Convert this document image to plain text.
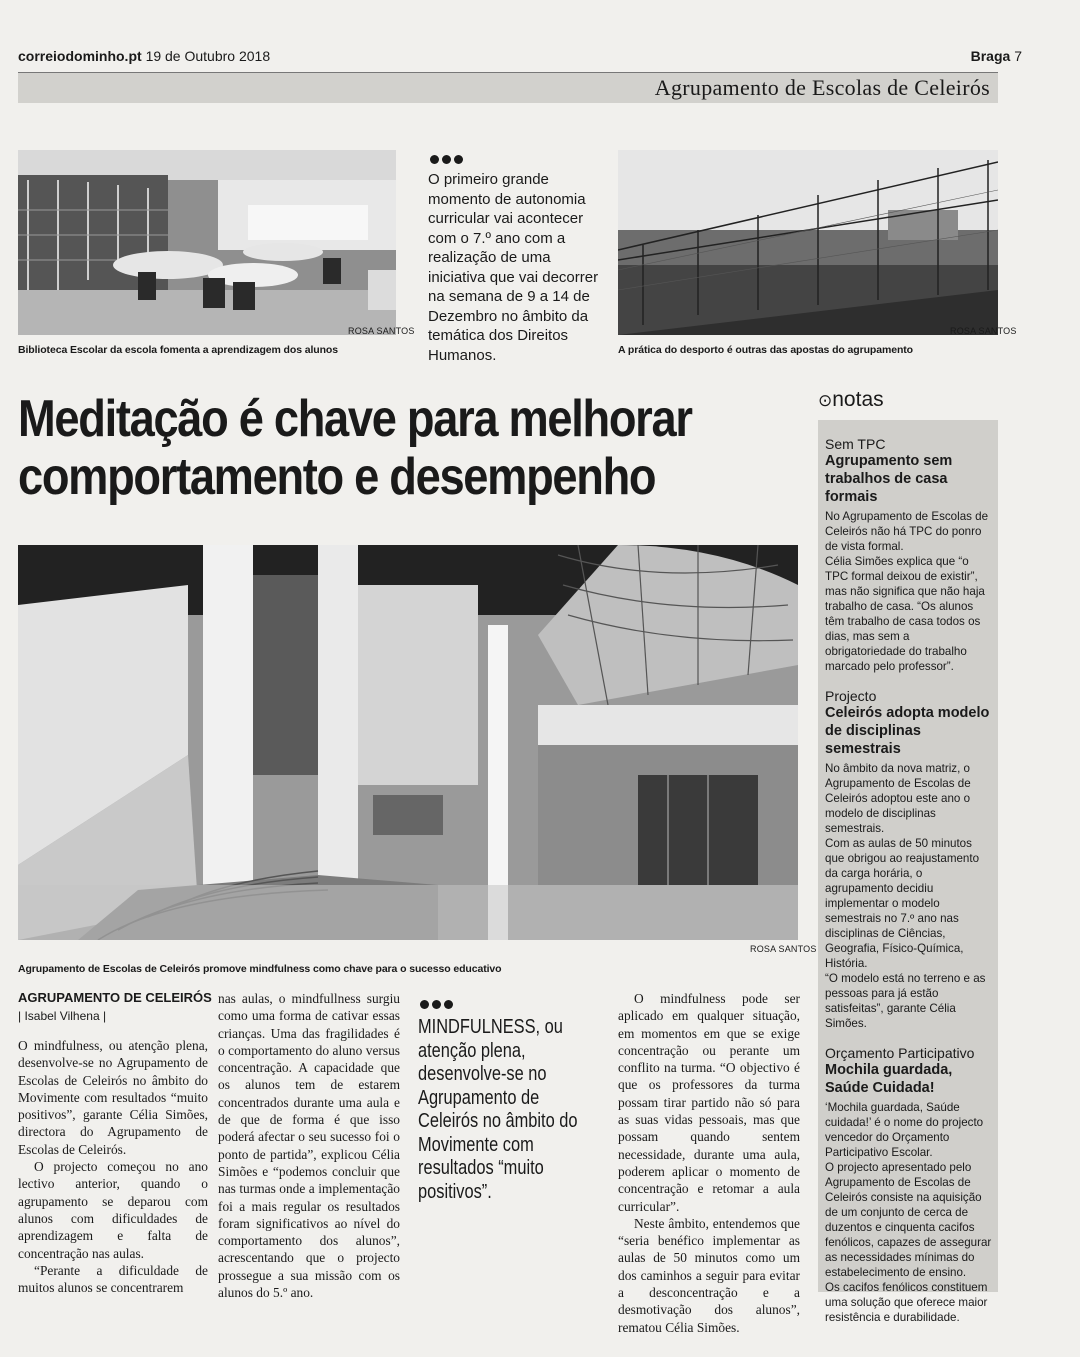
correiodominho.pt 19 de Outubro 2018	Braga 7
Agrupamento de Escolas de Celeirós
ROSA SANTOS
Biblioteca Escolar da escola fomenta a aprendizagem dos alunos
O primeiro grande momento de autonomia curricular vai acontecer com o 7.º ano com a realização de uma iniciativa que vai decorrer na semana de 9 a 14 de Dezembro no âmbito da temática dos Direitos Humanos.
ROSA SANTOS
A prática do desporto é outras das apostas do agrupamento
Meditação é chave para melhorar
comportamento e desempenho
ROSA SANTOS
Agrupamento de Escolas de Celeirós promove mindfulness como chave para o sucesso educativo
AGRUPAMENTO DE CELEIRÓS
| Isabel Vilhena |

O mindfulness, ou atenção plena, desenvolve-se no Agrupamento de Escolas de Celeirós no âmbito do Movimente com resultados “muito positivos”, garante Célia Simões, directora do Agrupamento de Escolas de Celeirós.

O projecto começou no ano lectivo anterior, quando o agrupamento se deparou com alunos com dificuldades de aprendizagem e falta de concentração nas aulas.

“Perante a dificuldade de muitos alunos se concentrarem

nas aulas, o mindfullness surgiu como uma forma de cativar essas crianças. Uma das fragilidades é o comportamento do aluno versus concentração. A capacidade que os alunos tem de estarem concentrados durante uma aula e de que de forma é que isso poderá afectar o seu sucesso foi o ponto de partida”, explicou Célia Simões e “podemos concluir que nas turmas onde a implementação foi a mais regular os resultados foram significativos ao nível do comportamento dos alunos”, acrescentando que o projecto prossegue a sua missão com os alunos do 5.º ano.

MINDFULNESS, ou atenção plena, desenvolve-se no Agrupamento de Celeirós no âmbito do Movimente com resultados “muito positivos”.

O mindfulness pode ser aplicado em qualquer situação, em momentos em que se exige concentração ou perante um conflito na turma. “O objectivo é que os professores da turma possam tirar partido não só para as suas vidas pessoais, mas que possam quando sentem necessidade, durante uma aula, poderem aplicar o momento de concentração e retomar a aula curricular”.

Neste âmbito, entendemos que “seria benéfico implementar as aulas de 50 minutos como um dos caminhos a seguir para evitar a desconcentração e a desmotivação dos alunos”, rematou Célia Simões.

⊙notas
Sem TPC
Agrupamento sem trabalhos de casa formais

No Agrupamento de Escolas de Celeirós não há TPC do ponro de vista formal.

Célia Simões explica que “o TPC formal deixou de existir”, mas não significa que não haja trabalho de casa. “Os alunos têm trabalho de casa todos os dias, mas sem a obrigatoriedade do trabalho marcado pelo professor”.

Projecto
Celeirós adopta modelo de disciplinas semestrais

No âmbito da nova matriz, o Agrupamento de Escolas de Celeirós adoptou este ano o modelo de disciplinas semestrais.

Com as aulas de 50 minutos que obrigou ao reajustamento da carga horária, o agrupamento decidiu implementar o modelo semestrais no 7.º ano nas disciplinas de Ciências, Geografia, Físico-Química, História.

“O modelo está no terreno e as pessoas para já estão satisfeitas”, garante Célia Simões.

Orçamento Participativo
Mochila guardada, Saúde Cuidada!

‘Mochila guardada, Saúde cuidada!’ é o nome do projecto vencedor do Orçamento Participativo Escolar.

O projecto apresentado pelo Agrupamento de Escolas de Celeirós consiste na aquisição de um conjunto de cerca de duzentos e cinquenta cacifos fenólicos, capazes de assegurar as necessidades mínimas do estabelecimento de ensino.

Os cacifos fenólicos constituem uma solução que oferece maior resistência e durabilidade.
